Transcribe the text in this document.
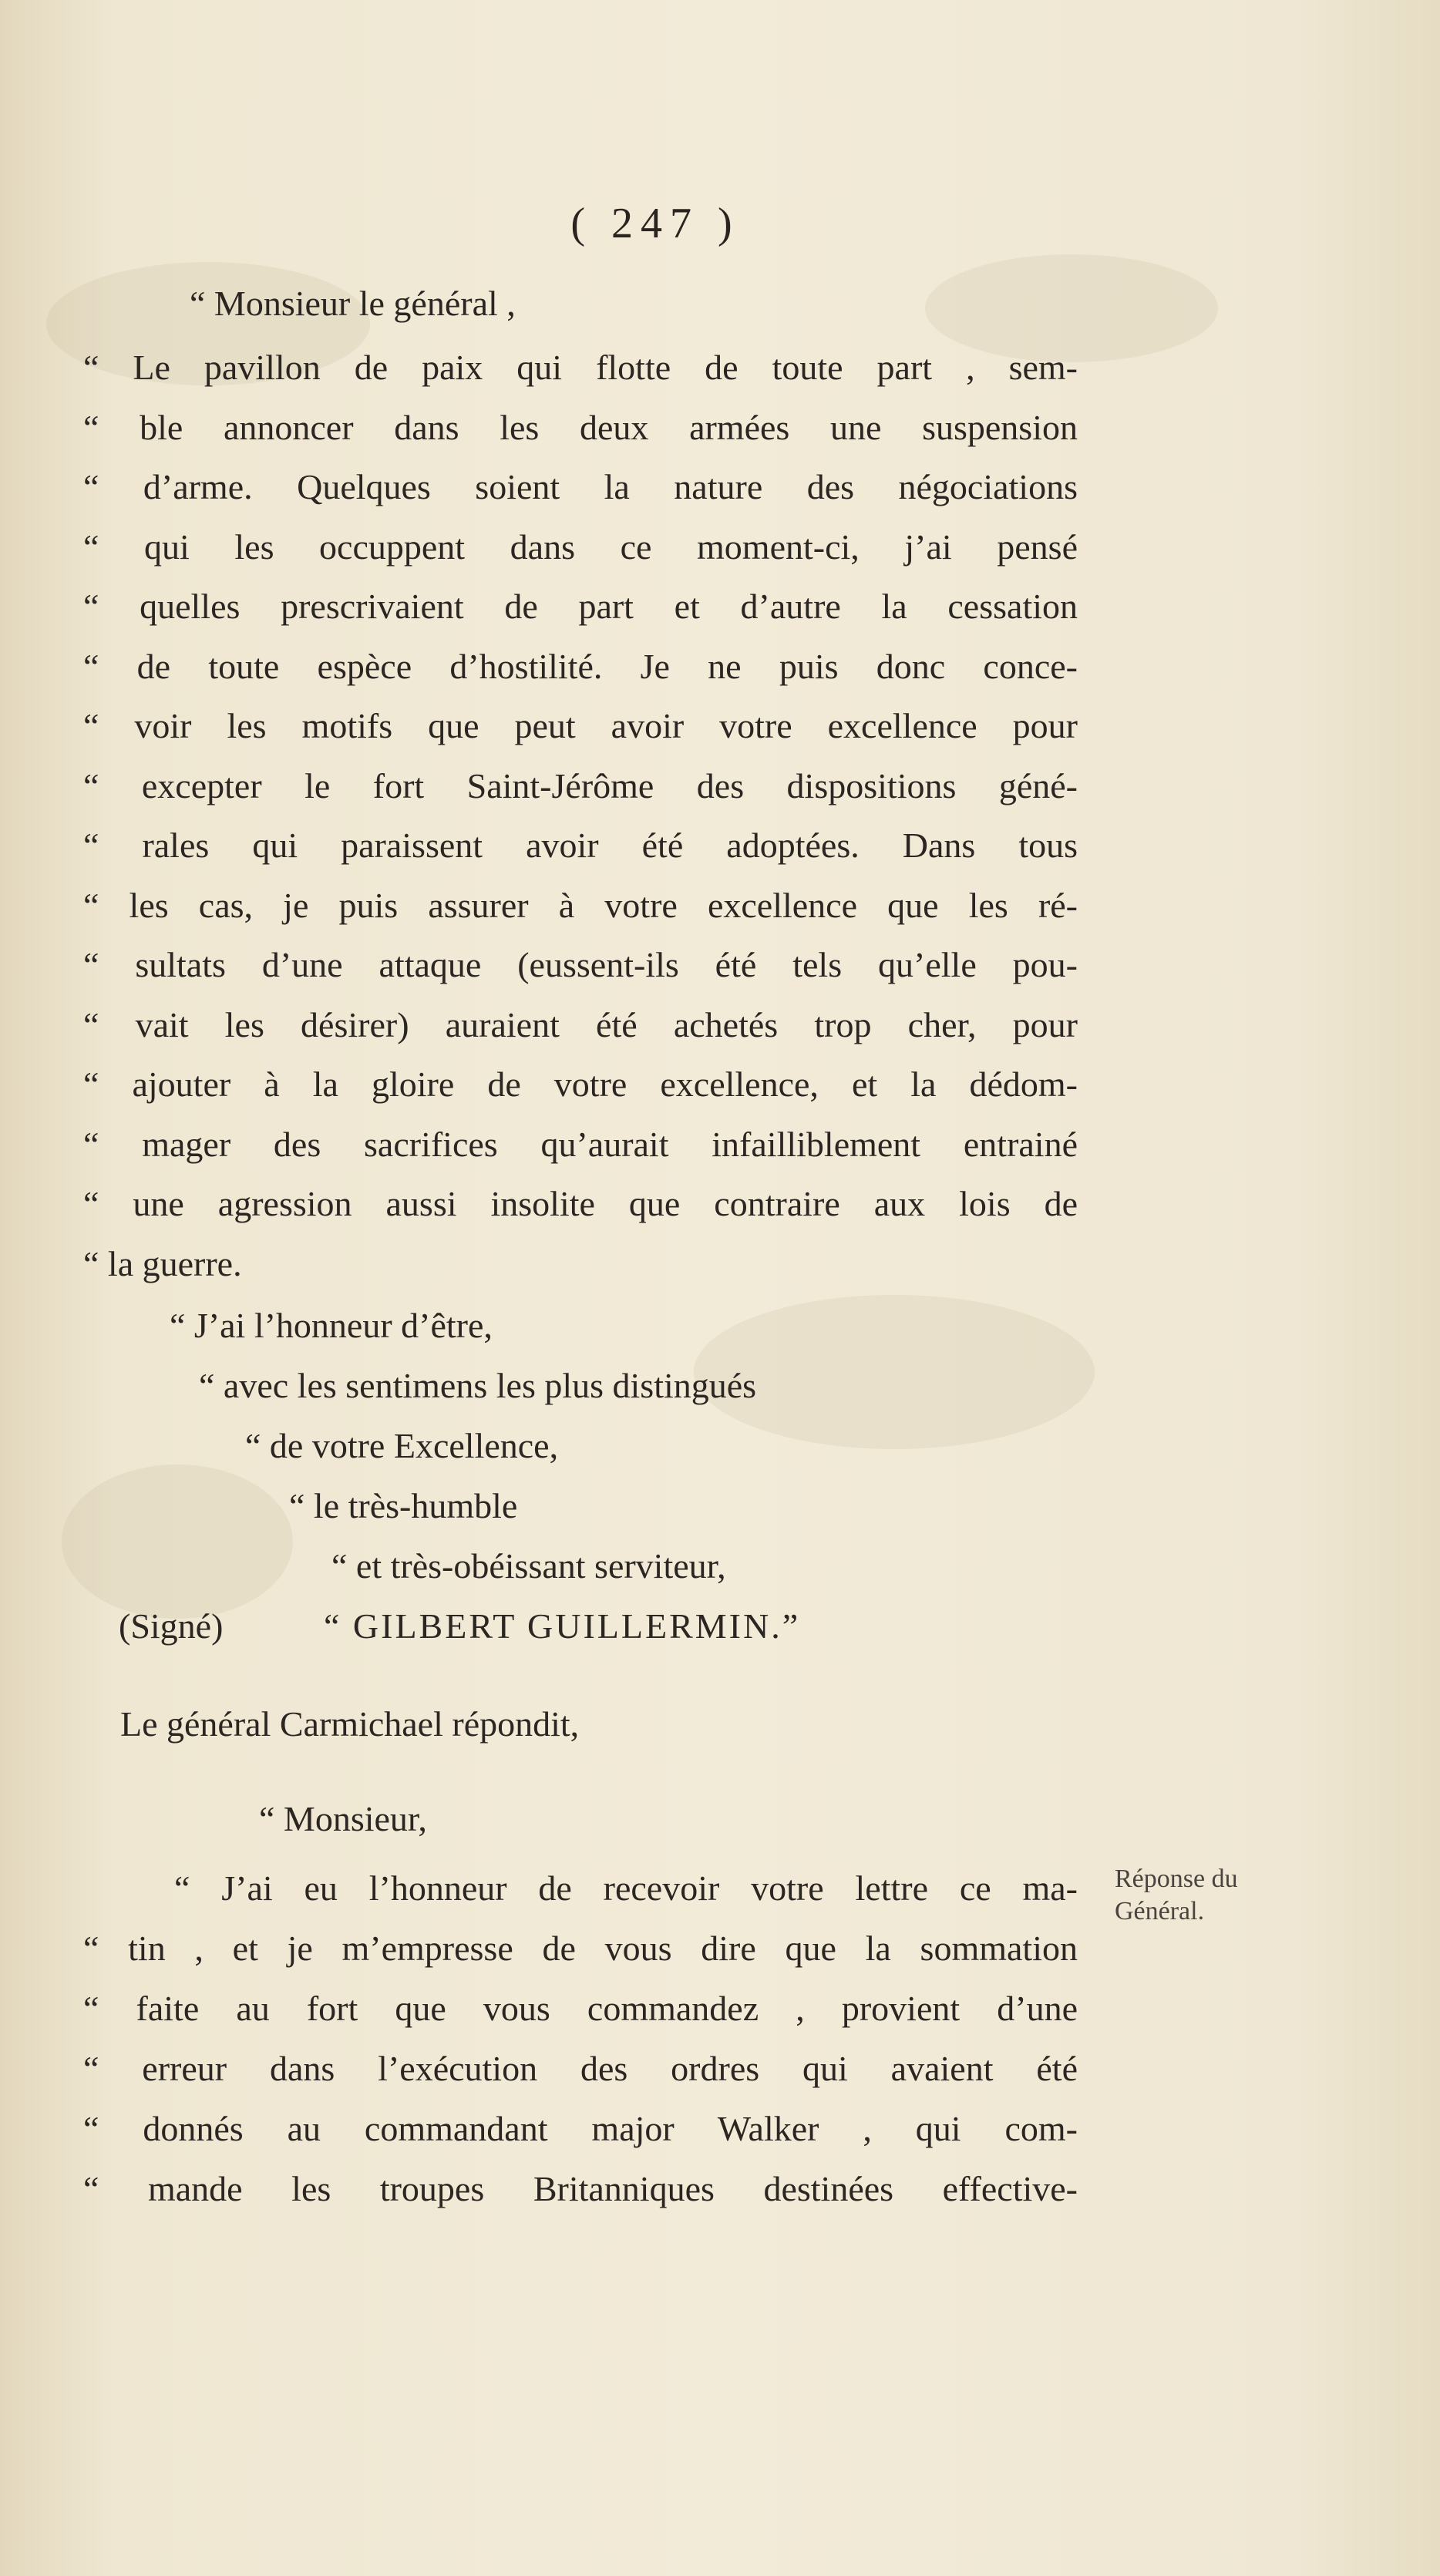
( 247 )
“ Monsieur le général ,
“ Le pavillon de paix qui flotte de toute part , sem-
“ ble annoncer dans les deux armées une suspension
“ d’arme. Quelques soient la nature des négociations
“ qui les occuppent dans ce moment-ci, j’ai pensé
“ quelles prescrivaient de part et d’autre la cessation
“ de toute espèce d’hostilité. Je ne puis donc conce-
“ voir les motifs que peut avoir votre excellence pour
“ excepter le fort Saint-Jérôme des dispositions géné-
“ rales qui paraissent avoir été adoptées. Dans tous
“ les cas, je puis assurer à votre excellence que les ré-
“ sultats d’une attaque (eussent-ils été tels qu’elle pou-
“ vait les désirer) auraient été achetés trop cher, pour
“ ajouter à la gloire de votre excellence, et la dédom-
“ mager des sacrifices qu’aurait infailliblement entrainé
“ une agression aussi insolite que contraire aux lois de
“ la guerre.
“ J’ai l’honneur d’être,
“ avec les sentimens les plus distingués
“ de votre Excellence,
“ le très-humble
“ et très-obéissant serviteur,
(Signé)	“ GILBERT GUILLERMIN.”
Le général Carmichael répondit,
“ Monsieur,
“ J’ai eu l’honneur de recevoir votre lettre ce ma-
“ tin , et je m’empresse de vous dire que la sommation
“ faite au fort que vous commandez , provient d’une
“ erreur dans l’exécution des ordres qui avaient été
“ donnés au commandant major Walker , qui com-
“ mande les troupes Britanniques destinées effective-
Réponse du
Général.
